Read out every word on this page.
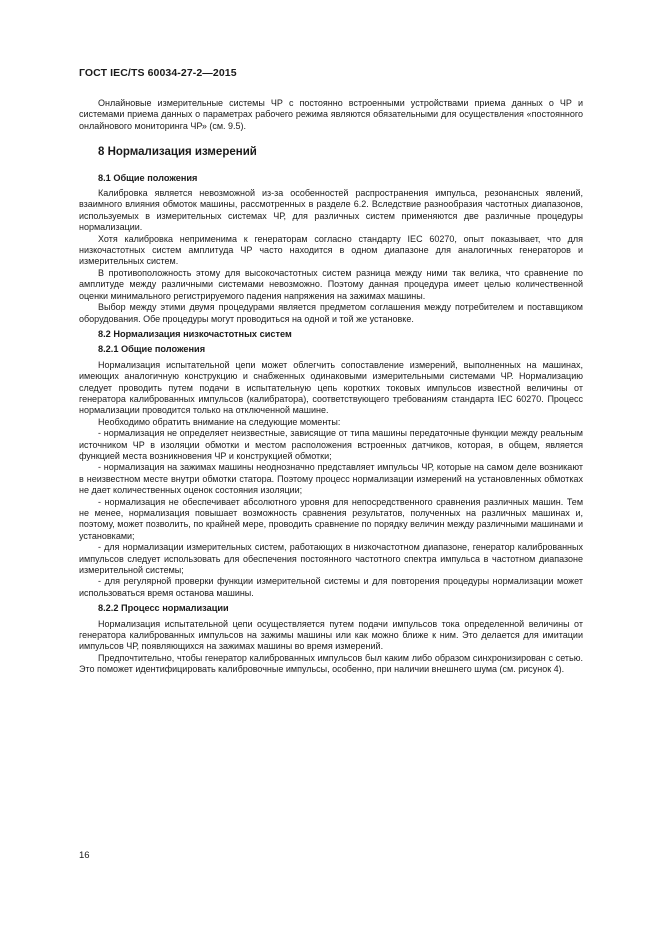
ГОСТ IEC/TS 60034-27-2—2015

Онлайновые измерительные системы ЧР с постоянно встроенными устройствами приема данных о ЧР и системами приема данных о параметрах рабочего режима являются обязательными для осуществления «постоянного онлайнового мониторинга ЧР» (см. 9.5).

8 Нормализация измерений
8.1 Общие положения

Калибровка является невозможной из-за особенностей распространения импульса, резонансных явлений, взаимного влияния обмоток машины, рассмотренных в разделе 6.2. Вследствие разнообразия частотных диапазонов, используемых в измерительных системах ЧР, для различных систем применяются две различные процедуры нормализации.

Хотя калибровка неприменима к генераторам согласно стандарту IEC 60270, опыт показывает, что для низкочастотных систем амплитуда ЧР часто находится в одном диапазоне для аналогичных генераторов и измерительных систем.

В противоположность этому для высокочастотных систем разница между ними так велика, что сравнение по амплитуде между различными системами невозможно. Поэтому данная процедура имеет целью количественной оценки минимального регистрируемого падения напряжения на зажимах машины.

Выбор между этими двумя процедурами является предметом соглашения между потребителем и поставщиком оборудования. Обе процедуры могут проводиться на одной и той же установке.

8.2 Нормализация низкочастотных систем
8.2.1 Общие положения

Нормализация испытательной цепи может облегчить сопоставление измерений, выполненных на машинах, имеющих аналогичную конструкцию и снабженных одинаковыми измерительными системами ЧР. Нормализацию следует проводить путем подачи в испытательную цепь коротких токовых импульсов известной величины от генератора калиброванных импульсов (калибратора), соответствующего требованиям стандарта IEC 60270. Процесс нормализации проводится только на отключенной машине.

Необходимо обратить внимание на следующие моменты:

- нормализация не определяет неизвестные, зависящие от типа машины передаточные функции между реальным источником ЧР в изоляции обмотки и местом расположения встроенных датчиков, которая, в общем, является функцией места возникновения ЧР и конструкцией обмотки;

- нормализация на зажимах машины неоднозначно представляет импульсы ЧР, которые на самом деле возникают в неизвестном месте внутри обмотки статора. Поэтому процесс нормализации измерений на установленных обмотках не дает количественных оценок состояния изоляции;

- нормализация не обеспечивает абсолютного уровня для непосредственного сравнения различных машин. Тем не менее, нормализация повышает возможность сравнения результатов, полученных на различных машинах и, поэтому, может позволить, по крайней мере, проводить сравнение по порядку величин между различными машинами и установками;

- для нормализации измерительных систем, работающих в низкочастотном диапазоне, генератор калиброванных импульсов следует использовать для обеспечения постоянного частотного спектра импульса в частотном диапазоне измерительной системы;

- для регулярной проверки функции измерительной системы и для повторения процедуры нормализации может использоваться время останова машины.

8.2.2 Процесс нормализации

Нормализация испытательной цепи осуществляется путем подачи импульсов тока определенной величины от генератора калиброванных импульсов на зажимы машины или как можно ближе к ним. Это делается для имитации импульсов ЧР, появляющихся на зажимах машины во время измерений.

Предпочтительно, чтобы генератор калиброванных импульсов был каким либо образом синхронизирован с сетью. Это поможет идентифицировать калибровочные импульсы, особенно, при наличии внешнего шума (см. рисунок 4).

16
